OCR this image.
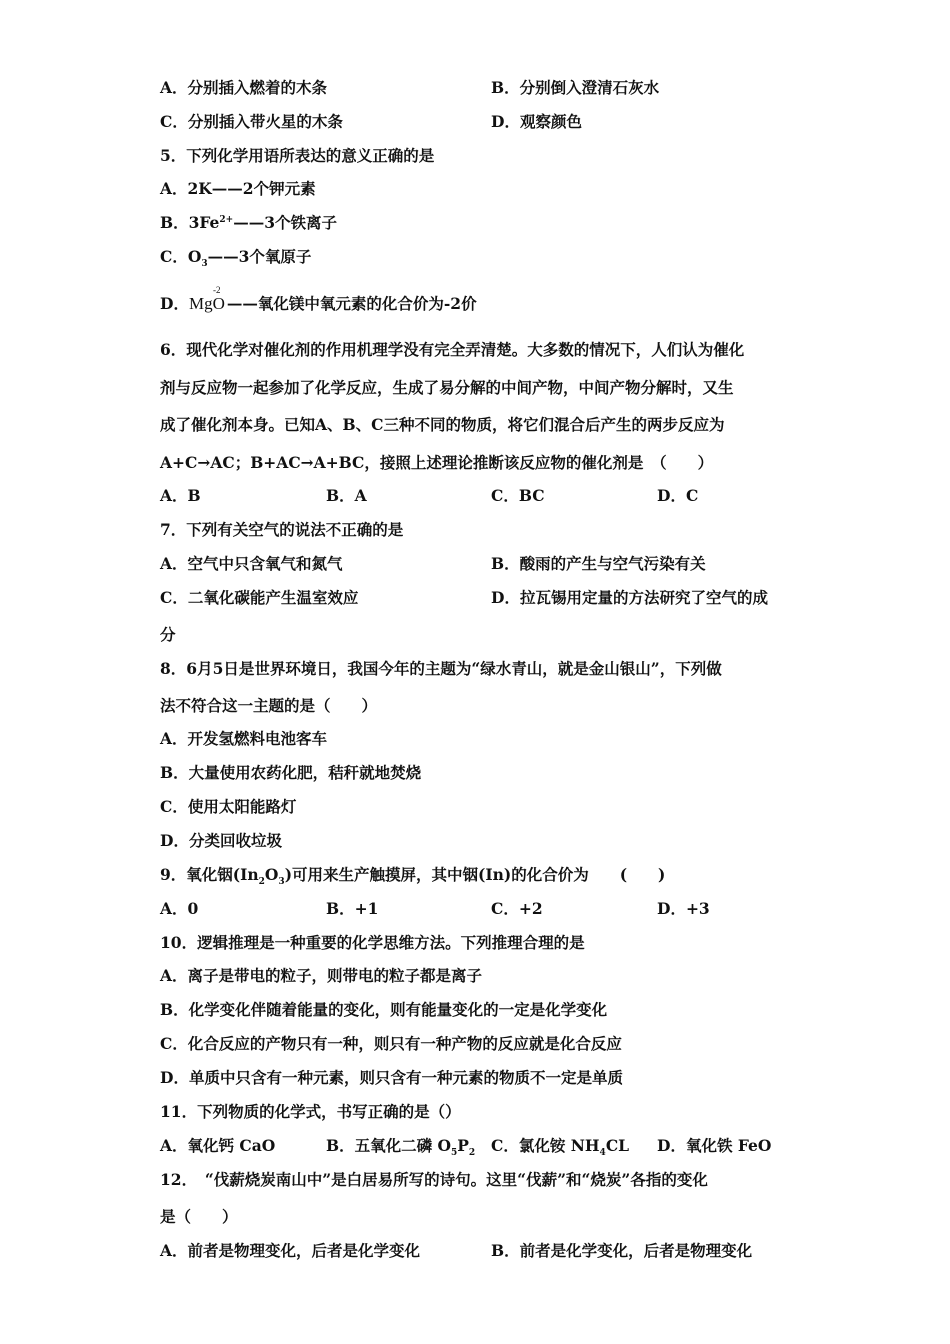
A．分别插入燃着的木条	B．分别倒入澄清石灰水
C．分别插入带火星的木条	D．观察颜色
5．下列化学用语所表达的意义正确的是
A．2K——2个钾元素
B．$3Fe^{2+}——3$个铁离子
C．$O_3——3$个氧原子
D．
-2
MgO ——氧化镁中氧元素的化合价为-2价
6．现代化学对催化剂的作用机理学没有完全弄清楚。大多数的情况下，人们认为催化
剂与反应物一起参加了化学反应，生成了易分解的中间产物，中间产物分解时，又生
成了催化剂本身。已知A、B、C三种不同的物质，将它们混合后产生的两步反应为
A+C→AC；B+AC→A+BC，接照上述理论推断该反应物的催化剂是　（　　）
A．B	B．A	C．BC	D．C
7．下列有关空气的说法不正确的是
A．空气中只含氧气和氮气	B．酸雨的产生与空气污染有关
C．二氧化碳能产生温室效应	D．拉瓦锡用定量的方法研究了空气的成
分
8．6月5日是世界环境日，我国今年的主题为“绿水青山，就是金山银山”，下列做
法不符合这一主题的是（　　）
A．开发氢燃料电池客车
B．大量使用农药化肥，秸秆就地焚烧
C．使用太阳能路灯
D．分类回收垃圾
9．氧化铟$(In_2O_3)$可用来生产触摸屏，其中铟(In)的化合价为　　(　　)
A．0	B．+1	C．+2	D．+3
10．逻辑推理是一种重要的化学思维方法。下列推理合理的是
A．离子是带电的粒子，则带电的粒子都是离子
B．化学变化伴随着能量的变化，则有能量变化的一定是化学变化
C．化合反应的产物只有一种，则只有一种产物的反应就是化合反应
D．单质中只含有一种元素，则只含有一种元素的物质不一定是单质
11．下列物质的化学式，书写正确的是（）
A．氧化钙 CaO	B．五氧化二磷 $O_5P_2$ C．氯化铵 $NH_4CL$ D．氧化铁 FeO
12．　“伐薪烧炭南山中”是白居易所写的诗句。这里“伐薪”和“烧炭”各指的变化
是（　　）
A．前者是物理变化，后者是化学变化	B．前者是化学变化，后者是物理变化
